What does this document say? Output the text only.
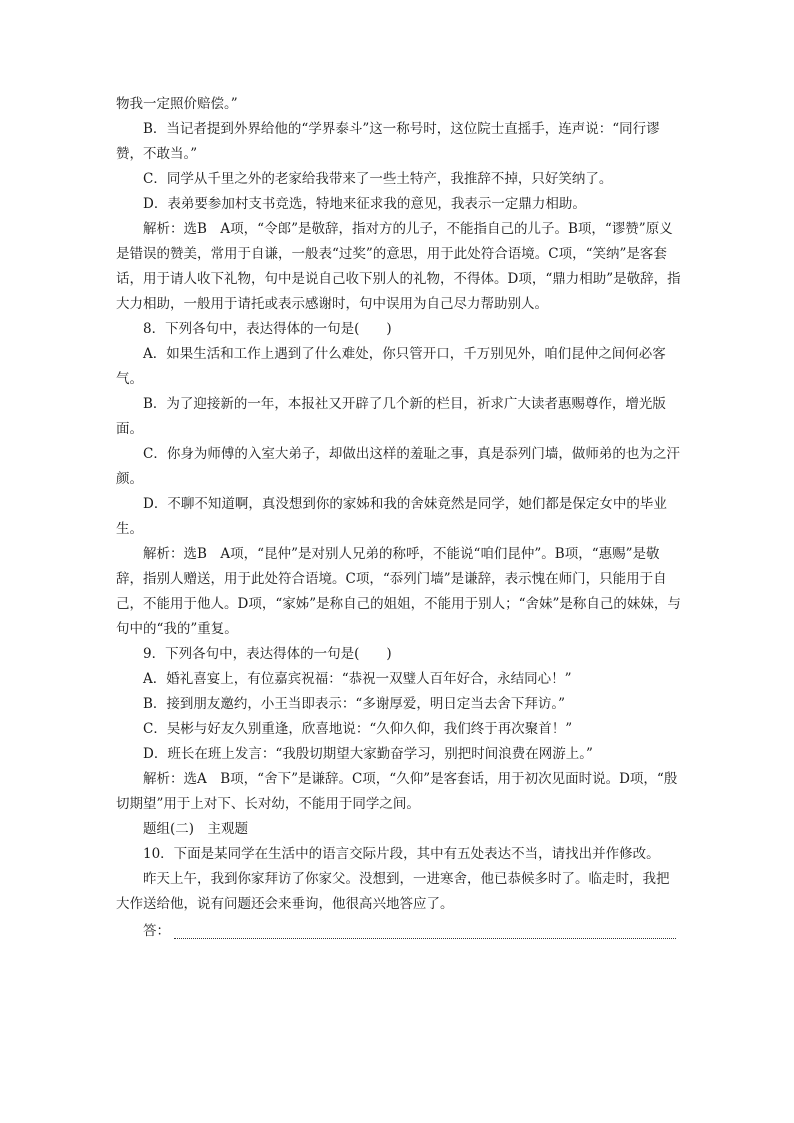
物我一定照价赔偿。”

B．当记者提到外界给他的“学界泰斗”这一称号时，这位院士直摇手，连声说：“同行谬赞，不敢当。”

C．同学从千里之外的老家给我带来了一些土特产，我推辞不掉，只好笑纳了。

D．表弟要参加村支书竞选，特地来征求我的意见，我表示一定鼎力相助。

解析：选B　A项，“令郎”是敬辞，指对方的儿子，不能指自己的儿子。B项，“谬赞”原义是错误的赞美，常用于自谦，一般表“过奖”的意思，用于此处符合语境。C项，“笑纳”是客套话，用于请人收下礼物，句中是说自己收下别人的礼物，不得体。D项，“鼎力相助”是敬辞，指大力相助，一般用于请托或表示感谢时，句中误用为自己尽力帮助别人。

8．下列各句中，表达得体的一句是(　　)

A．如果生活和工作上遇到了什么难处，你只管开口，千万别见外，咱们昆仲之间何必客气。

B．为了迎接新的一年，本报社又开辟了几个新的栏目，祈求广大读者惠赐尊作，增光版面。

C．你身为师傅的入室大弟子，却做出这样的羞耻之事，真是忝列门墙，做师弟的也为之汗颜。

D．不聊不知道啊，真没想到你的家姊和我的舍妹竟然是同学，她们都是保定女中的毕业生。

解析：选B　A项，“昆仲”是对别人兄弟的称呼，不能说“咱们昆仲”。B项，“惠赐”是敬辞，指别人赠送，用于此处符合语境。C项，“忝列门墙”是谦辞，表示愧在师门，只能用于自己，不能用于他人。D项，“家姊”是称自己的姐姐，不能用于别人；“舍妹”是称自己的妹妹，与句中的“我的”重复。

9．下列各句中，表达得体的一句是(　　)

A．婚礼喜宴上，有位嘉宾祝福：“恭祝一双璧人百年好合，永结同心！”

B．接到朋友邀约，小王当即表示：“多谢厚爱，明日定当去舍下拜访。”

C．吴彬与好友久别重逢，欣喜地说：“久仰久仰，我们终于再次聚首！”

D．班长在班上发言：“我殷切期望大家勤奋学习，别把时间浪费在网游上。”

解析：选A　B项，“舍下”是谦辞。C项，“久仰”是客套话，用于初次见面时说。D项，“殷切期望”用于上对下、长对幼，不能用于同学之间。

题组(二)　主观题

10．下面是某同学在生活中的语言交际片段，其中有五处表达不当，请找出并作修改。

昨天上午，我到你家拜访了你家父。没想到，一进寒舍，他已恭候多时了。临走时，我把大作送给他，说有问题还会来垂询，他很高兴地答应了。

答：
